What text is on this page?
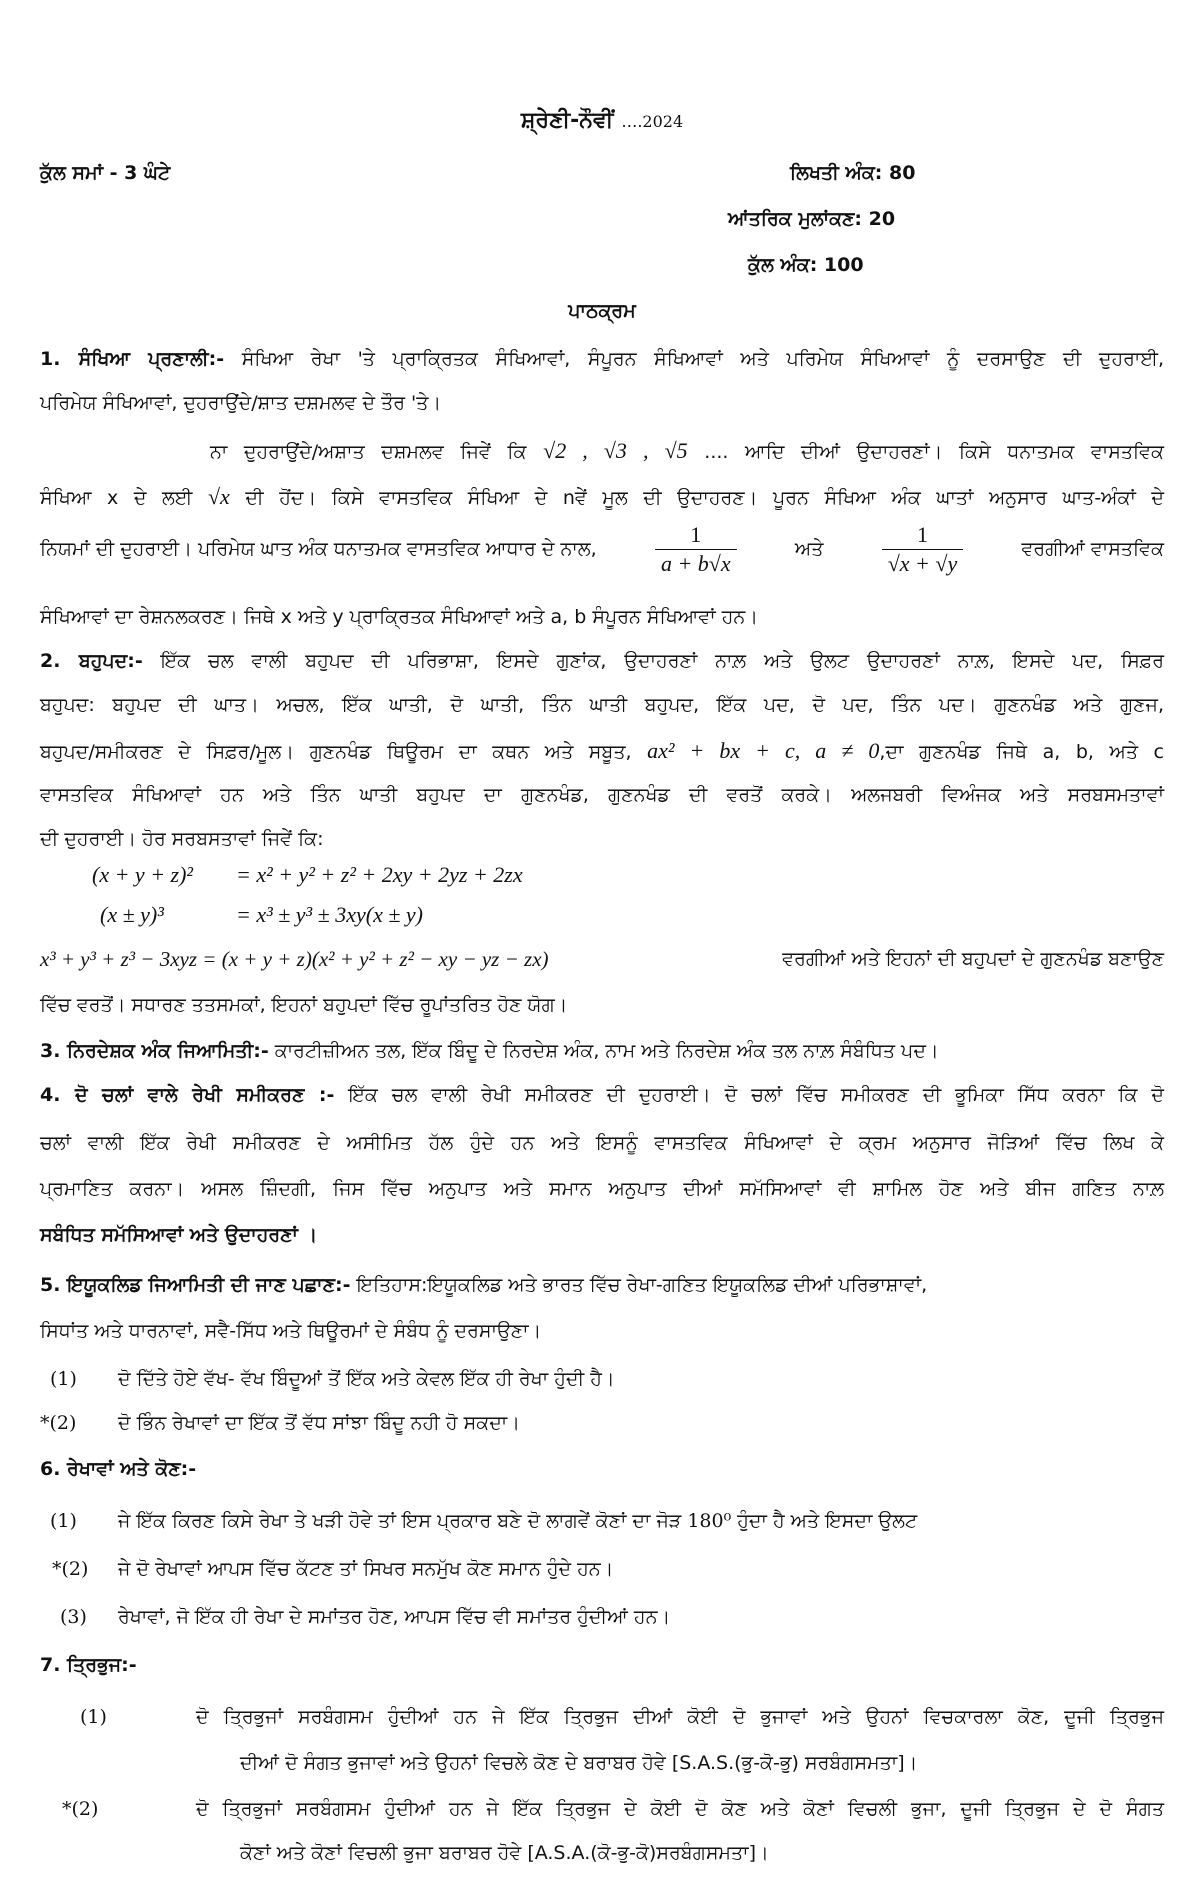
ਸ਼੍ਰੇਣੀ-ਨੌਵੀਂ ….2024
ਕੁੱਲ ਸਮਾਂ - 3 ਘੰਟੇ	ਲਿਖਤੀ ਅੰਕ: 80
ਆਂਤਰਿਕ ਮੁਲਾਂਕਣ: 20
ਕੁੱਲ ਅੰਕ: 100
ਪਾਠਕ੍ਰਮ
1. ਸੰਖਿਆ ਪ੍ਰਣਾਲੀ:- ਸੰਖਿਆ ਰੇਖਾ 'ਤੇ ਪ੍ਰਾਕ੍ਰਿਤਕ ਸੰਖਿਆਵਾਂ, ਸੰਪੂਰਨ ਸੰਖਿਆਵਾਂ ਅਤੇ ਪਰਿਮੇਯ ਸੰਖਿਆਵਾਂ ਨੂੰ ਦਰਸਾਉਣ ਦੀ ਦੁਹਰਾਈ,
ਪਰਿਮੇਯ ਸੰਖਿਆਵਾਂ, ਦੁਹਰਾਉਂਦੇ/ਸ਼ਾਤ ਦਸ਼ਮਲਵ ਦੇ ਤੌਰ 'ਤੇ।
ਨਾ ਦੁਹਰਾਉਂਦੇ/ਅਸ਼ਾਤ ਦਸ਼ਮਲਵ ਜਿਵੇਂ ਕਿ √2 , √3 , √5 .... ਆਦਿ ਦੀਆਂ ਉਦਾਹਰਣਾਂ। ਕਿਸੇ ਧਨਾਤਮਕ ਵਾਸਤਵਿਕ
ਸੰਖਿਆ x ਦੇ ਲਈ √x ਦੀ ਹੋਂਦ। ਕਿਸੇ ਵਾਸਤਵਿਕ ਸੰਖਿਆ ਦੇ nਵੇਂ ਮੂਲ ਦੀ ਉਦਾਹਰਣ। ਪੂਰਨ ਸੰਖਿਆ ਅੰਕ ਘਾਤਾਂ ਅਨੁਸਾਰ ਘਾਤ-ਅੰਕਾਂ ਦੇ
ਨਿਯਮਾਂ ਦੀ ਦੁਹਰਾਈ। ਪਰਿਮੇਯ ਘਾਤ ਅੰਕ ਧਨਾਤਮਕ ਵਾਸਤਵਿਕ ਆਧਾਰ ਦੇ ਨਾਲ,	$\frac{1}{a + b√x}$	ਅਤੇ	$\frac{1}{√x + √y}$	ਵਰਗੀਆਂ ਵਾਸਤਵਿਕ
ਸੰਖਿਆਵਾਂ ਦਾ ਰੇਸ਼ਨਲਕਰਣ। ਜਿਥੇ x ਅਤੇ y ਪ੍ਰਾਕ੍ਰਿਤਕ ਸੰਖਿਆਵਾਂ ਅਤੇ a, b ਸੰਪੂਰਨ ਸੰਖਿਆਵਾਂ ਹਨ।
2. ਬਹੁਪਦ:- ਇੱਕ ਚਲ ਵਾਲੀ ਬਹੁਪਦ ਦੀ ਪਰਿਭਾਸ਼ਾ, ਇਸਦੇ ਗੁਣਾਂਕ, ਉਦਾਹਰਣਾਂ ਨਾਲ਼ ਅਤੇ ਉਲਟ ਉਦਾਹਰਣਾਂ ਨਾਲ਼, ਇਸਦੇ ਪਦ, ਸਿਫ਼ਰ
ਬਹੁਪਦ: ਬਹੁਪਦ ਦੀ ਘਾਤ। ਅਚਲ, ਇੱਕ ਘਾਤੀ, ਦੋ ਘਾਤੀ, ਤਿੰਨ ਘਾਤੀ ਬਹੁਪਦ, ਇੱਕ ਪਦ, ਦੋ ਪਦ, ਤਿੰਨ ਪਦ। ਗੁਣਨਖੰਡ ਅਤੇ ਗੁਣਜ,
ਬਹੁਪਦ/ਸਮੀਕਰਣ ਦੇ ਸਿਫ਼ਰ/ਮੂਲ। ਗੁਣਨਖੰਡ ਥਿਊਰਮ ਦਾ ਕਥਨ ਅਤੇ ਸਬੂਤ, ax² + bx + c, a ≠ 0,ਦਾ ਗੁਣਨਖੰਡ ਜਿਥੇ a, b, ਅਤੇ c
ਵਾਸਤਵਿਕ ਸੰਖਿਆਵਾਂ ਹਨ ਅਤੇ ਤਿੰਨ ਘਾਤੀ ਬਹੁਪਦ ਦਾ ਗੁਣਨਖੰਡ, ਗੁਣਨਖੰਡ ਦੀ ਵਰਤੋਂ ਕਰਕੇ। ਅਲਜਬਰੀ ਵਿਅੰਜਕ ਅਤੇ ਸਰਬਸਮਤਾਵਾਂ
ਦੀ ਦੁਹਰਾਈ। ਹੋਰ ਸਰਬਸਤਾਵਾਂ ਜਿਵੇਂ ਕਿ:
(x + y + z)² = x² + y² + z² + 2xy + 2yz + 2zx
(x ± y)³	= x³ ± y³ ± 3xy(x ± y)
x³ + y³ + z³ − 3xyz = (x + y + z)(x² + y² + z² − xy − yz − zx)	ਵਰਗੀਆਂ ਅਤੇ ਇਹਨਾਂ ਦੀ ਬਹੁਪਦਾਂ ਦੇ ਗੁਣਨਖੰਡ ਬਣਾਉਣ
ਵਿੱਚ ਵਰਤੋਂ। ਸਧਾਰਣ ਤਤਸਮਕਾਂ, ਇਹਨਾਂ ਬਹੁਪਦਾਂ ਵਿੱਚ ਰੂਪਾਂਤਰਿਤ ਹੋਣ ਯੋਗ।
3. ਨਿਰਦੇਸ਼ਕ ਅੰਕ ਜਿਆਮਿਤੀ:- ਕਾਰਟੀਜ਼ੀਅਨ ਤਲ, ਇੱਕ ਬਿੰਦੂ ਦੇ ਨਿਰਦੇਸ਼ ਅੰਕ, ਨਾਮ ਅਤੇ ਨਿਰਦੇਸ਼ ਅੰਕ ਤਲ ਨਾਲ਼ ਸੰਬੰਧਿਤ ਪਦ।
4. ਦੋ ਚਲਾਂ ਵਾਲੇ ਰੇਖੀ ਸਮੀਕਰਣ :- ਇੱਕ ਚਲ ਵਾਲੀ ਰੇਖੀ ਸਮੀਕਰਣ ਦੀ ਦੁਹਰਾਈ। ਦੋ ਚਲਾਂ ਵਿੱਚ ਸਮੀਕਰਣ ਦੀ ਭੂਮਿਕਾ ਸਿੱਧ ਕਰਨਾ ਕਿ ਦੋ
ਚਲਾਂ ਵਾਲੀ ਇੱਕ ਰੇਖੀ ਸਮੀਕਰਣ ਦੇ ਅਸੀਮਿਤ ਹੱਲ ਹੁੰਦੇ ਹਨ ਅਤੇ ਇਸਨੂੰ ਵਾਸਤਵਿਕ ਸੰਖਿਆਵਾਂ ਦੇ ਕ੍ਰਮ ਅਨੁਸਾਰ ਜੋੜਿਆਂ ਵਿੱਚ ਲਿਖ ਕੇ
ਪ੍ਰਮਾਣਿਤ ਕਰਨਾ। ਅਸਲ ਜ਼ਿੰਦਗੀ, ਜਿਸ ਵਿੱਚ ਅਨੁਪਾਤ ਅਤੇ ਸਮਾਨ ਅਨੁਪਾਤ ਦੀਆਂ ਸਮੱਸਿਆਵਾਂ ਵੀ ਸ਼ਾਮਿਲ ਹੋਣ ਅਤੇ ਬੀਜ ਗਣਿਤ ਨਾਲ਼
ਸਬੰਧਿਤ ਸਮੱਸਿਆਵਾਂ ਅਤੇ ਉਦਾਹਰਣਾਂ ।
5. ਇਯੂਕਲਿਡ ਜਿਆਮਿਤੀ ਦੀ ਜਾਣ ਪਛਾਣ:- ਇਤਿਹਾਸ:ਇਯੂਕਲਿਡ ਅਤੇ ਭਾਰਤ ਵਿੱਚ ਰੇਖਾ-ਗਣਿਤ ਇਯੂਕਲਿਡ ਦੀਆਂ ਪਰਿਭਾਸ਼ਾਵਾਂ,
ਸਿਧਾਂਤ ਅਤੇ ਧਾਰਨਾਵਾਂ, ਸਵੈ-ਸਿੱਧ ਅਤੇ ਥਿਊਰਮਾਂ ਦੇ ਸੰਬੰਧ ਨੂੰ ਦਰਸਾਉਣਾ।
(1) ਦੋ ਦਿੱਤੇ ਹੋਏ ਵੱਖ- ਵੱਖ ਬਿੰਦੂਆਂ ਤੋਂ ਇੱਕ ਅਤੇ ਕੇਵਲ ਇੱਕ ਹੀ ਰੇਖਾ ਹੁੰਦੀ ਹੈ।
*(2) ਦੋ ਭਿੰਨ ਰੇਖਾਵਾਂ ਦਾ ਇੱਕ ਤੋਂ ਵੱਧ ਸਾਂਝਾ ਬਿੰਦੂ ਨਹੀ ਹੋ ਸਕਦਾ।
6. ਰੇਖਾਵਾਂ ਅਤੇ ਕੋਣ:-
(1) ਜੇ ਇੱਕ ਕਿਰਣ ਕਿਸੇ ਰੇਖਾ ਤੇ ਖੜੀ ਹੋਵੇ ਤਾਂ ਇਸ ਪ੍ਰਕਾਰ ਬਣੇ ਦੋ ਲਾਗਵੇਂ ਕੋਣਾਂ ਦਾ ਜੋੜ 180⁰ ਹੁੰਦਾ ਹੈ ਅਤੇ ਇਸਦਾ ਉਲਟ
*(2) ਜੇ ਦੋ ਰੇਖਾਵਾਂ ਆਪਸ ਵਿੱਚ ਕੱਟਣ ਤਾਂ ਸਿਖਰ ਸਨਮੁੱਖ ਕੋਣ ਸਮਾਨ ਹੁੰਦੇ ਹਨ।
(3) ਰੇਖਾਵਾਂ, ਜੋ ਇੱਕ ਹੀ ਰੇਖਾ ਦੇ ਸਮਾਂਤਰ ਹੋਣ, ਆਪਸ ਵਿੱਚ ਵੀ ਸਮਾਂਤਰ ਹੁੰਦੀਆਂ ਹਨ।
7. ਤ੍ਰਿਭੁਜ:-
(1)	ਦੋ ਤ੍ਰਿਭੁਜਾਂ ਸਰਬੰਗਸਮ ਹੁੰਦੀਆਂ ਹਨ ਜੇ ਇੱਕ ਤ੍ਰਿਭੁਜ ਦੀਆਂ ਕੋਈ ਦੋ ਭੁਜਾਵਾਂ ਅਤੇ ਉਹਨਾਂ ਵਿਚਕਾਰਲਾ ਕੋਣ, ਦੂਜੀ ਤ੍ਰਿਭੁਜ
ਦੀਆਂ ਦੋ ਸੰਗਤ ਭੁਜਾਵਾਂ ਅਤੇ ਉਹਨਾਂ ਵਿਚਲੇ ਕੋਣ ਦੇ ਬਰਾਬਰ ਹੋਵੇ [S.A.S.(ਭੁ-ਕੋ-ਭੁ) ਸਰਬੰਗਸਮਤਾ]।
*(2)	ਦੋ ਤ੍ਰਿਭੁਜਾਂ ਸਰਬੰਗਸਮ ਹੁੰਦੀਆਂ ਹਨ ਜੇ ਇੱਕ ਤ੍ਰਿਭੁਜ ਦੇ ਕੋਈ ਦੋ ਕੋਣ ਅਤੇ ਕੋਣਾਂ ਵਿਚਲੀ ਭੁਜਾ, ਦੂਜੀ ਤ੍ਰਿਭੁਜ ਦੇ ਦੋ ਸੰਗਤ
ਕੋਣਾਂ ਅਤੇ ਕੋਣਾਂ ਵਿਚਲੀ ਭੁਜਾ ਬਰਾਬਰ ਹੋਵੇ [A.S.A.(ਕੋ-ਭੁ-ਕੋ)ਸਰਬੰਗਸਮਤਾ]।
